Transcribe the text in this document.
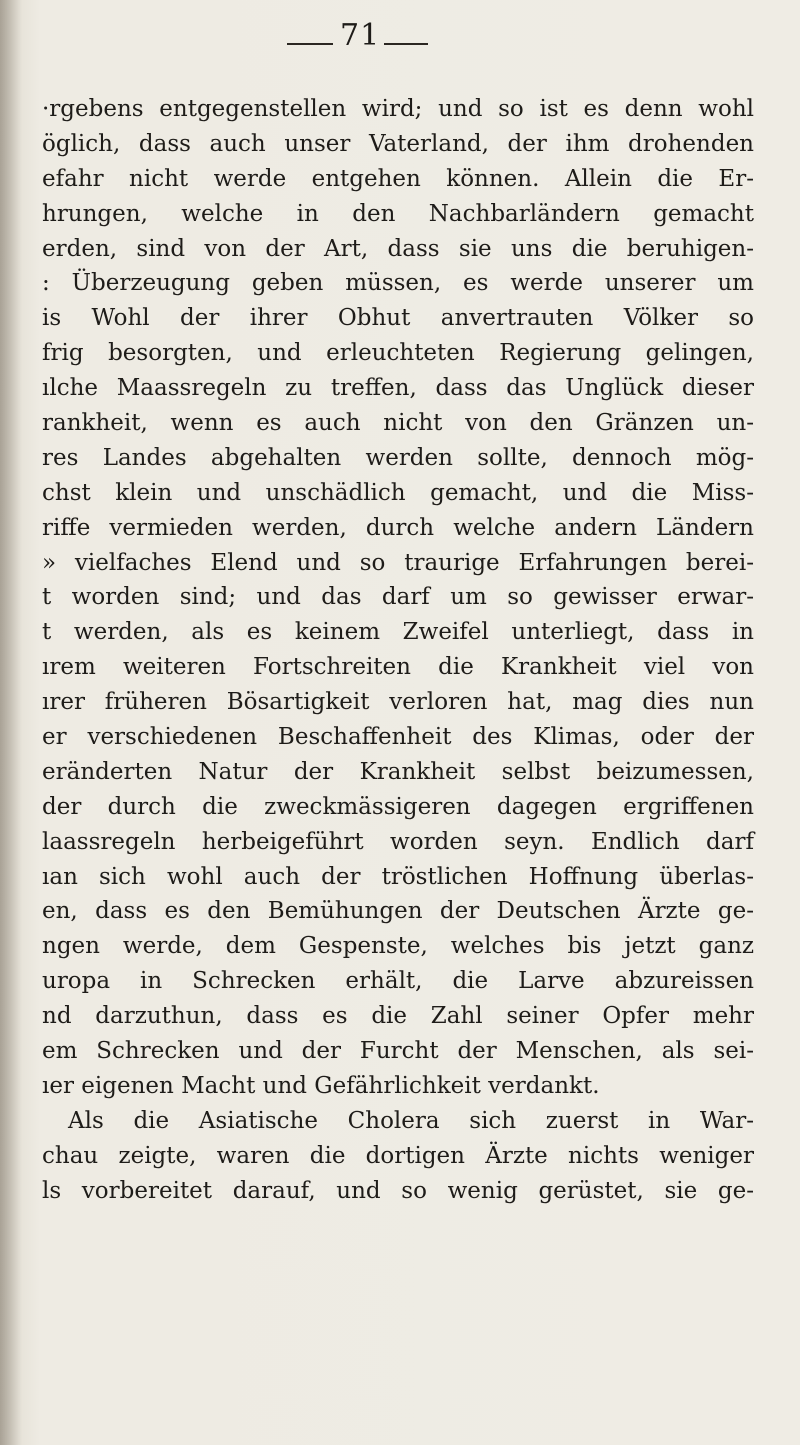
71
·rgebens entgegenstellen wird; und so ist es denn wohl
öglich, dass auch unser Vaterland, der ihm drohenden
efahr nicht werde entgehen können. Allein die Er-
hrungen, welche in den Nachbarländern gemacht
erden, sind von der Art, dass sie uns die beruhigen-
: Überzeugung geben müssen, es werde unserer um
is Wohl der ihrer Obhut anvertrauten Völker so
frig besorgten, und erleuchteten Regierung gelingen,
ılche Maassregeln zu treffen, dass das Unglück dieser
rankheit, wenn es auch nicht von den Gränzen un-
res Landes abgehalten werden sollte, dennoch mög-
chst klein und unschädlich gemacht, und die Miss-
riffe vermieden werden, durch welche andern Ländern
» vielfaches Elend und so traurige Erfahrungen berei-
t worden sind; und das darf um so gewisser erwar-
t werden, als es keinem Zweifel unterliegt, dass in
ırem weiteren Fortschreiten die Krankheit viel von
ırer früheren Bösartigkeit verloren hat, mag dies nun
er verschiedenen Beschaffenheit des Klimas, oder der
eränderten Natur der Krankheit selbst beizumessen,
der durch die zweckmässigeren dagegen ergriffenen
laassregeln herbeigeführt worden seyn. Endlich darf
ıan sich wohl auch der tröstlichen Hoffnung überlas-
en, dass es den Bemühungen der Deutschen Ärzte ge-
ngen werde, dem Gespenste, welches bis jetzt ganz
uropa in Schrecken erhält, die Larve abzureissen
nd darzuthun, dass es die Zahl seiner Opfer mehr
em Schrecken und der Furcht der Menschen, als sei-
ıer eigenen Macht und Gefährlichkeit verdankt.
Als die Asiatische Cholera sich zuerst in War-
chau zeigte, waren die dortigen Ärzte nichts weniger
ls vorbereitet darauf, und so wenig gerüstet, sie ge-
